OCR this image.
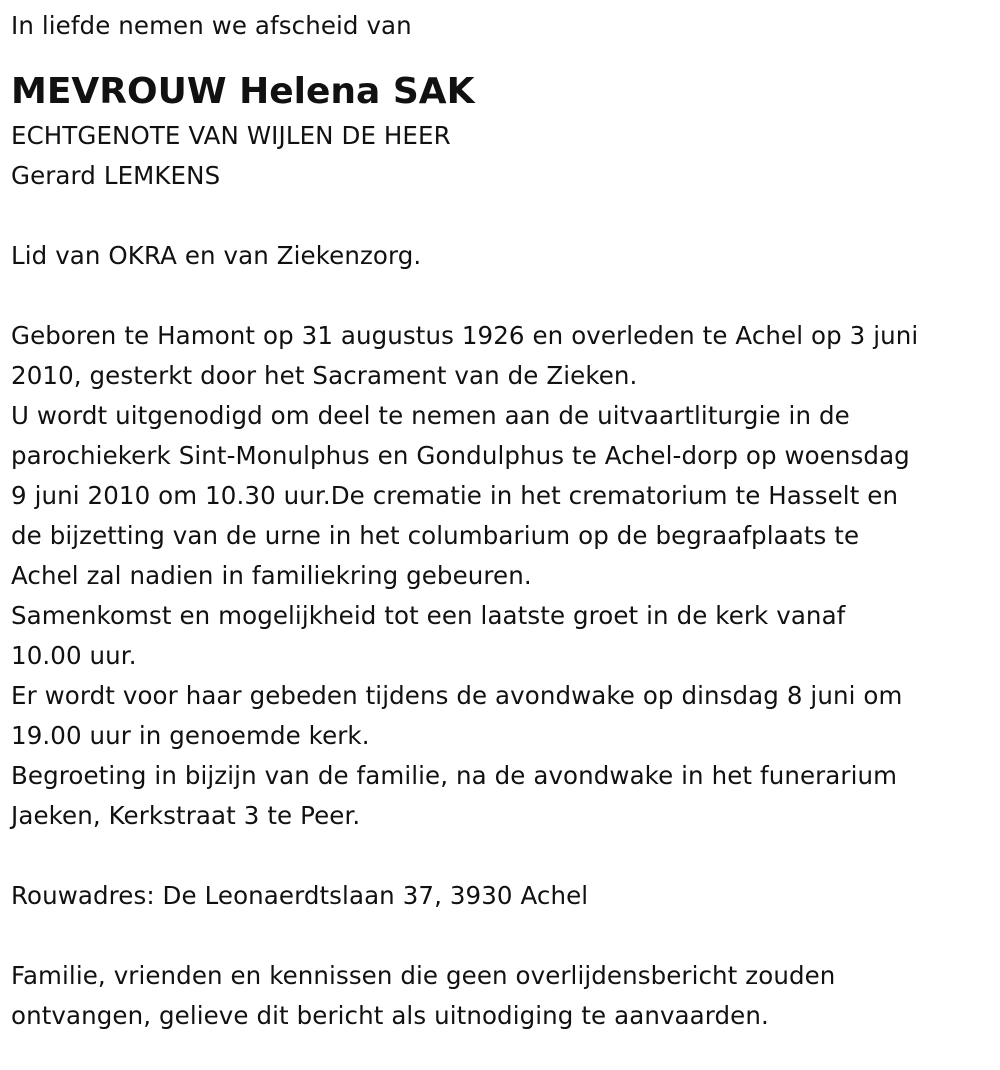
In liefde nemen we afscheid van
MEVROUW Helena SAK
ECHTGENOTE VAN WIJLEN DE HEER
Gerard LEMKENS
Lid van OKRA en van Ziekenzorg.
Geboren te Hamont op 31 augustus 1926 en overleden te Achel op 3 juni
2010, gesterkt door het Sacrament van de Zieken.
U wordt uitgenodigd om deel te nemen aan de uitvaartliturgie in de
parochiekerk Sint-Monulphus en Gondulphus te Achel-dorp op woensdag
9 juni 2010 om 10.30 uur.De crematie in het crematorium te Hasselt en
de bijzetting van de urne in het columbarium op de begraafplaats te
Achel zal nadien in familiekring gebeuren.
Samenkomst en mogelijkheid tot een laatste groet in de kerk vanaf
10.00 uur.
Er wordt voor haar gebeden tijdens de avondwake op dinsdag 8 juni om
19.00 uur in genoemde kerk.
Begroeting in bijzijn van de familie, na de avondwake in het funerarium
Jaeken, Kerkstraat 3 te Peer.
Rouwadres: De Leonaerdtslaan 37, 3930 Achel
Familie, vrienden en kennissen die geen overlijdensbericht zouden
ontvangen, gelieve dit bericht als uitnodiging te aanvaarden.
